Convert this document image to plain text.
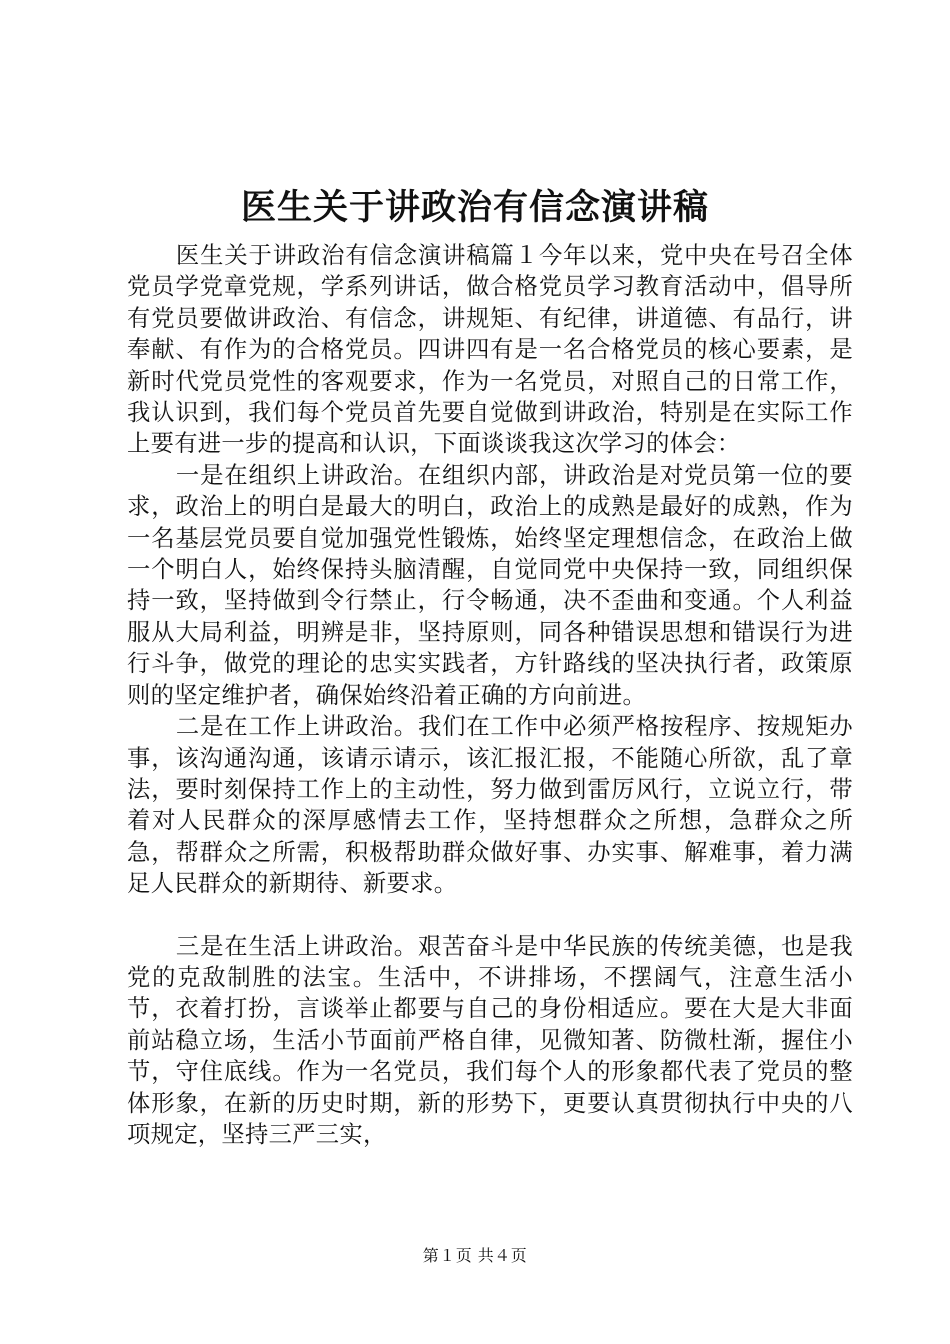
医生关于讲政治有信念演讲稿

医生关于讲政治有信念演讲稿篇１今年以来，党中央在号召全体党员学党章党规，学系列讲话，做合格党员学习教育活动中，倡导所有党员要做讲政治、有信念，讲规矩、有纪律，讲道德、有品行，讲奉献、有作为的合格党员。四讲四有是一名合格党员的核心要素，是新时代党员党性的客观要求，作为一名党员，对照自己的日常工作，我认识到，我们每个党员首先要自觉做到讲政治，特别是在实际工作上要有进一步的提高和认识，下面谈谈我这次学习的体会：

一是在组织上讲政治。在组织内部，讲政治是对党员第一位的要求，政治上的明白是最大的明白，政治上的成熟是最好的成熟，作为一名基层党员要自觉加强党性锻炼，始终坚定理想信念，在政治上做一个明白人，始终保持头脑清醒，自觉同党中央保持一致，同组织保持一致，坚持做到令行禁止，行令畅通，决不歪曲和变通。个人利益服从大局利益，明辨是非，坚持原则，同各种错误思想和错误行为进行斗争，做党的理论的忠实实践者，方针路线的坚决执行者，政策原则的坚定维护者，确保始终沿着正确的方向前进。

二是在工作上讲政治。我们在工作中必须严格按程序、按规矩办事，该沟通沟通，该请示请示，该汇报汇报，不能随心所欲，乱了章法，要时刻保持工作上的主动性，努力做到雷厉风行，立说立行，带着对人民群众的深厚感情去工作，坚持想群众之所想，急群众之所急，帮群众之所需，积极帮助群众做好事、办实事、解难事，着力满足人民群众的新期待、新要求。

三是在生活上讲政治。艰苦奋斗是中华民族的传统美德，也是我党的克敌制胜的法宝。生活中，不讲排场，不摆阔气，注意生活小节，衣着打扮，言谈举止都要与自己的身份相适应。要在大是大非面前站稳立场，生活小节面前严格自律，见微知著、防微杜渐，握住小节，守住底线。作为一名党员，我们每个人的形象都代表了党员的整体形象，在新的历史时期，新的形势下，更要认真贯彻执行中央的八项规定，坚持三严三实，

第１页 共４页
